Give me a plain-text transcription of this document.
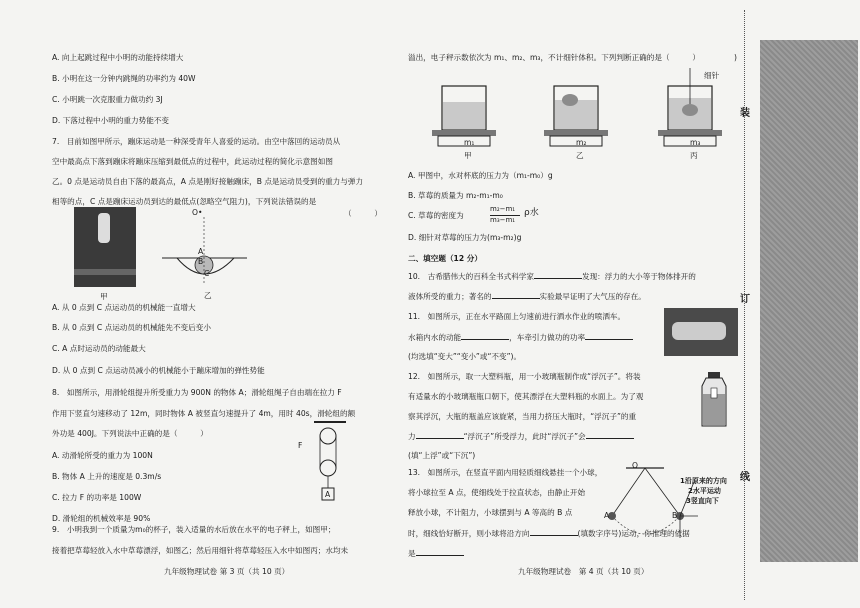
A. 向上起跳过程中小明的动能持续增大
B. 小明在这一分钟内跳绳的功率约为 40W
C. 小明跳一次克服重力做功约 3J
D. 下落过程中小明的重力势能不变
7.　目前如图甲所示，蹦床运动是一种深受青年人喜爱的运动。由空中落回的运动员从
空中最高点下落到蹦床将蹦床压缩到最低点的过程中，此运动过程的简化示意图如图
乙。0 点是运动员自由下落的最高点，A 点是刚好接触蹦床，B 点是运动员受到的重力与弹力
相等的点，C 点是蹦床运动员到达的最低点(忽略空气阻力)，下列说法错误的是
（　　　）
甲
O•
A
B
C
乙
A. 从 0 点到 C 点运动员的机械能一直增大
B. 从 0 点到 C 点运动员的机械能先不变后变小
C. A 点时运动员的动能最大
D. 从 0 点到 C 点运动员减小的机械能小于蹦床增加的弹性势能
8.　如图所示，用滑轮组提升所受重力为 900N 的物体 A；滑轮组绳子自由端在拉力 F
作用下竖直匀速移动了 12m，同时物体 A 被竖直匀速提升了 4m，用时 40s，滑轮组的额
外功是 400J。下列说法中正确的是（　　　）
A. 动滑轮所受的重力为 100N
B. 物体 A 上升的速度是 0.3m/s
C. 拉力 F 的功率是 100W
D. 滑轮组的机械效率是 90%
F
A
9.　小明我到一个质量为m₀的杯子，装入适量的水后放在水平的电子秤上，如图甲；
接着把草莓轻放入水中草莓漂浮，如图乙；然后用细针将草莓轻压入水中如图丙；水均未
九年级物理试卷 第 3 页（共 10 页）
溢出，电子秤示数依次为 m₁、m₂、m₃，不计细针体积。下列判断正确的是（　　　）
细针
m₁	m₂	m₃
甲	乙	丙
A. 甲图中，水对杯底的压力为（m₁-m₀）g
B. 草莓的质量为 m₂-m₁-m₀
C. 草莓的密度为
m₂−m₁
m₃−m₁
ρ水
D. 细针对草莓的压力为(m₃-m₂)g
二、填空题（12 分）
10.　古希腊伟大的百科全书式科学家	发现：浮力的大小等于物体排开的
液体所受的重力；著名的	实验最早证明了大气压的存在。
11.　如图所示，正在水平路面上匀速前进行洒水作业的喷洒车。
水箱内水的动能	，车牵引力做功的功率
(均选填“变大”“变小”或“不变”)。
12.　如图所示，取一大塑料瓶，用一小玻璃瓶制作成“浮沉子”。将装
有适量水的小玻璃瓶瓶口朝下，使其漂浮在大塑料瓶的水面上。为了观
察其浮沉，大瓶的瓶盖应该旋紧，当用力挤压大瓶时，“浮沉子”的重
力	“浮沉子”所受浮力，此时“浮沉子”会
(填“上浮”或“下沉”)
13.　如图所示，在竖直平面内用轻质细线悬挂一个小球，
将小球拉至 A 点，使细线处于拉直状态，由静止开始
释放小球，不计阻力，小球摆到与 A 等高的 B 点
时，细线恰好断开，则小球将沿方向	(填数字序号)运动，你推理的依据
是
O
A	B
1沿原来的方向
2水平运动
3竖直向下
九年级物理试卷　第 4 页（共 10 页）
)
装
订
线
